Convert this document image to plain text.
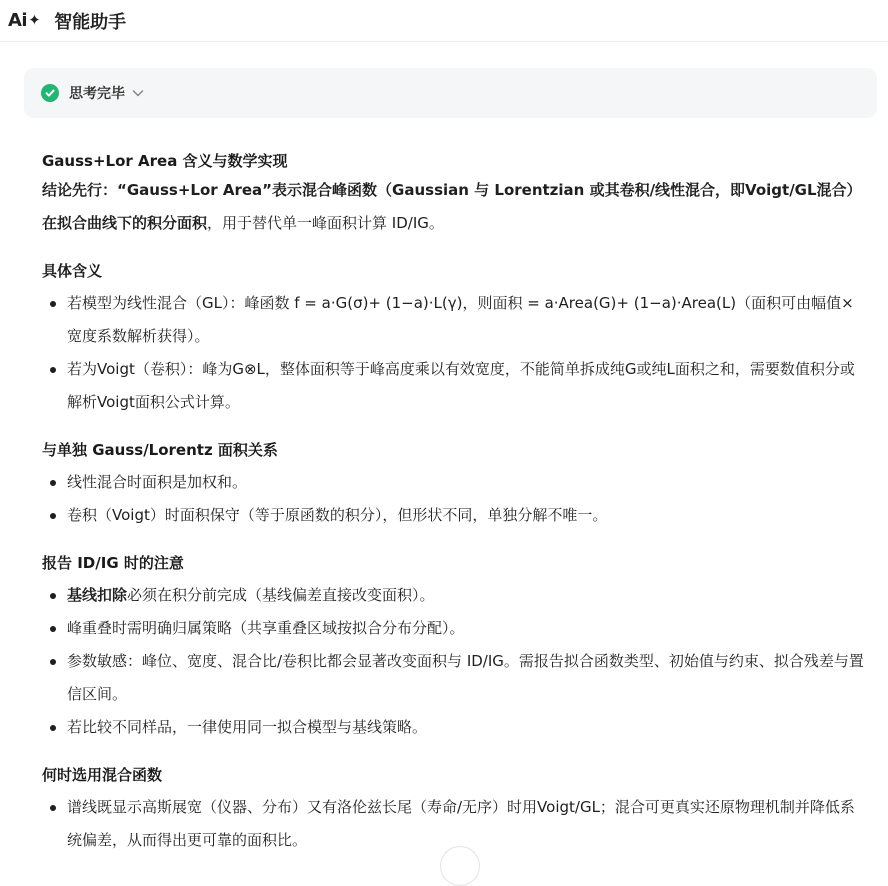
Ai ✦ 智能助手
思考完毕
Gauss+Lor Area 含义与数学实现
结论先行：“Gauss+Lor Area”表示混合峰函数（Gaussian 与 Lorentzian 或其卷积/线性混合，即Voigt/GL混合）在拟合曲线下的积分面积，用于替代单一峰面积计算 ID/IG。
具体含义
若模型为线性混合（GL）：峰函数 f = a·G(σ)+ (1−a)·L(γ)，则面积 = a·Area(G)+ (1−a)·Area(L)（面积可由幅值×宽度系数解析获得）。
若为Voigt（卷积）：峰为G⊗L，整体面积等于峰高度乘以有效宽度，不能简单拆成纯G或纯L面积之和，需要数值积分或解析Voigt面积公式计算。
与单独 Gauss/Lorentz 面积关系
线性混合时面积是加权和。
卷积（Voigt）时面积保守（等于原函数的积分），但形状不同，单独分解不唯一。
报告 ID/IG 时的注意
基线扣除必须在积分前完成（基线偏差直接改变面积）。
峰重叠时需明确归属策略（共享重叠区域按拟合分布分配）。
参数敏感：峰位、宽度、混合比/卷积比都会显著改变面积与 ID/IG。需报告拟合函数类型、初始值与约束、拟合残差与置信区间。
若比较不同样品，一律使用同一拟合模型与基线策略。
何时选用混合函数
谱线既显示高斯展宽（仪器、分布）又有洛伦兹长尾（寿命/无序）时用Voigt/GL；混合可更真实还原物理机制并降低系统偏差，从而得出更可靠的面积比。
